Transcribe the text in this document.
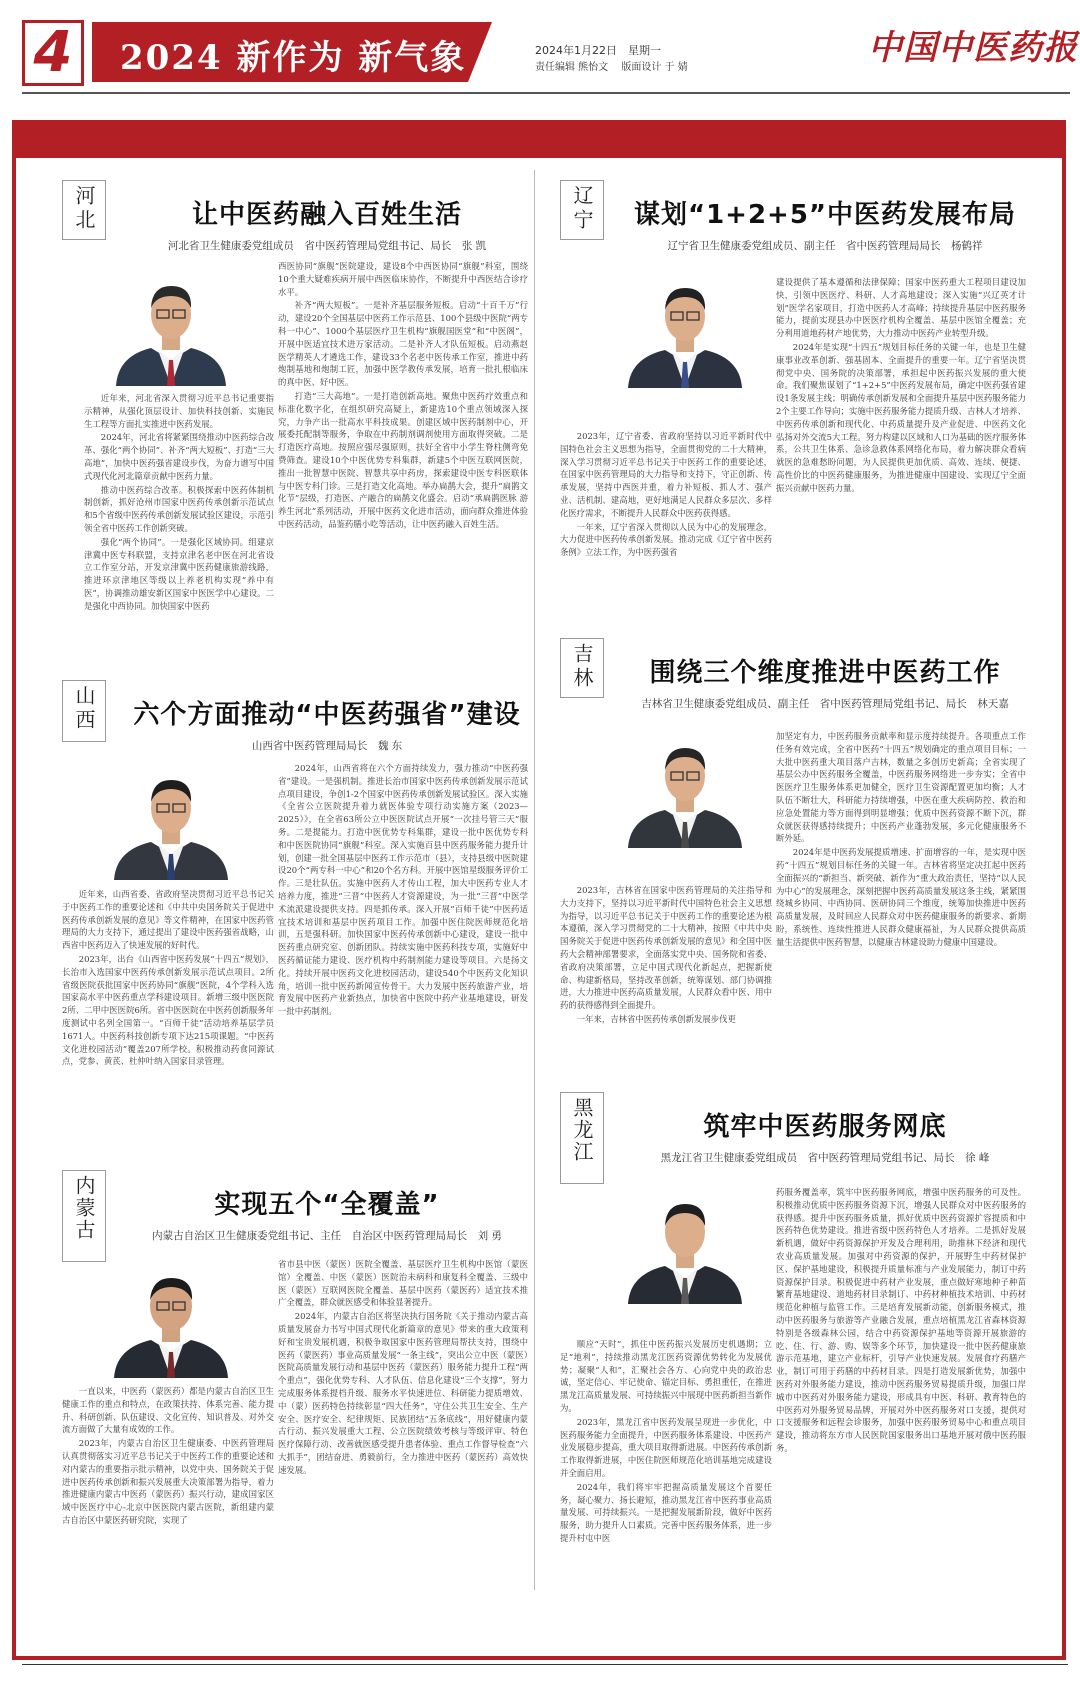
4	2024 新作为 新气象	2024年1月22日　星期一
责任编辑 熊怡文 版面设计 于 婧	中国中医药报
河北	让中医药融入百姓生活
河北省卫生健康委党组成员　省中医药管理局党组书记、局长　张 凯

近年来，河北省深入贯彻习近平总书记重要指示精神，从强化顶层设计、加快科技创新、实施民生工程等方面扎实推进中医药发展。

2024年，河北省将紧紧围绕推动中医药综合改革、强化“两个协同”、补齐“两大短板”、打造“三大高地”，加快中医药强省建设步伐，为奋力谱写中国式现代化河北篇章贡献中医药力量。

推动中医药综合改革。积极探索中医药体制机制创新，抓好沧州市国家中医药传承创新示范试点和5个省级中医药传承创新发展试验区建设，示范引领全省中医药工作创新突破。

强化“两个协同”。一是强化区域协同。组建京津冀中医专科联盟，支持京津名老中医在河北省设立工作室分站，开发京津冀中医药健康旅游线路，推进环京津地区等级以上养老机构实现“养中有医”，协调推动雄安新区国家中医医学中心建设。二是强化中西协同。加快国家中医药

西医协同“旗舰”医院建设，建设8个中西医协同“旗舰”科室，围绕10个重大疑难疾病开展中西医临床协作，不断提升中西医结合诊疗水平。

补齐“两大短板”。一是补齐基层服务短板。启动“十百千万”行动，建设20个全国基层中医药工作示范县、100个县级中医院“两专科一中心”、1000个基层医疗卫生机构“旗舰国医堂”和“中医阁”，开展中医适宜技术进万家活动。二是补齐人才队伍短板。启动燕赵医学精英人才遴选工作，建设33个名老中医传承工作室，推进中药炮制基地和炮制工匠，加强中医学教传承发展，培育一批扎根临床的真中医、好中医。

打造“三大高地”。一是打造创新高地。聚焦中医药疗效重点和标准化数字化，在组织研究高疑上，新建选10个重点领域深入探究，力争产出一批高水平科技成果。创建区域中医药制剂中心，开展委托配制等服务，争取在中药制剂调剂使用方面取得突破。二是打造医疗高地。按照应强尽强原则，扶好全省中小学生脊柱侧弯免费筛查。建设10个中医优势专科集群，新建5个中医互联网医院，推出一批智慧中医院、智慧共享中药房，探索建设中医专科医联体与中医专科门诊。三是打造文化高地。举办扁鹊大会，提升“扁鹊文化节”层级，打造医、产融合的扁鹊文化盛会。启动“承扁鹊医脉 游养生河北”系列活动，开展中医药文化进市活动，面向群众推进体验中医药活动，品鉴药膳小吃等活动，让中医药融入百姓生活。

山西	六个方面推动“中医药强省”建设
山西省中医药管理局局长　魏 东

近年来，山西省委、省政府坚决贯彻习近平总书记关于中医药工作的重要论述和《中共中央国务院关于促进中医药传承创新发展的意见》等文件精神，在国家中医药管理局的大力支持下，通过提出了建设中医药强省战略，山西省中医药迈入了快速发展的好时代。

2023年，出台《山西省中医药发展“十四五”规划》，长治市入选国家中医药传承创新发展示范试点项目。2所省级医院获批国家中医药协同“旗舰”医院，4个学科入选国家高水平中医药重点学科建设项目。新增三级中医医院2所、二甲中医医院6所。省中医医院在中医药创新服务年度测试中名列全国第一。“百师千徒”活动培养基层学员1671人。中医药科技创新专项下达215项课题。“中医药文化进校园活动”覆盖207所学校。积极推动药食同源试点，党参、黄芪、杜仲叶纳入国家目录管理。

2024年，山西省将在六个方面持续发力，强力推动“中医药强省”建设。一是强机制。推进长治市国家中医药传承创新发展示范试点项目建设，争创1-2个国家中医药传承创新发展试验区。深入实施《全省公立医院提升着力就医体验专项行动实施方案（2023—2025）》，在全省63所公立中医医院试点开展“一次挂号管三天”服务。二是提能力。打造中医优势专科集群，建设一批中医优势专科和中医医院协同“旗舰”科室。深入实施百县中医药服务能力提升计划，创建一批全国基层中医药工作示范市（县），支持县级中医院建设20个“两专科一中心”和20个名方科。开展中医馆星级服务评价工作。三是壮队伍。实施中医药人才传山工程，加大中医药专业人才培养力度，推进“三晋”中医药人才资源建设，为一批“三晋”中医学术流派建设提供支持。四是抓传承。深入开展“百师千徒”中医药适宜技术培训和基层中医药项目工作。加强中医住院医师规范化培训，五是强科研。加快国家中医药传承创新中心建设，建设一批中医药重点研究室、创新团队。持续实施中医药科技专项，实施好中医药循证能力建设、医疗机构中药制剂能力建设等项目。六是扬文化。持续开展中医药文化进校园活动，建设540个中医药文化知识角，培训一批中医药新闻宣传骨干。大力发展中医药旅游产业，培育发展中医药产业新热点，加快省中医院中药产业基地建设，研发一批中药制剂。

内蒙古	实现五个“全覆盖”
内蒙古自治区卫生健康委党组书记、主任　自治区中医药管理局局长　刘 勇

一直以来，中医药（蒙医药）都是内蒙古自治区卫生健康工作的重点和特点，在政策扶持、体系完善、能力提升、科研创新、队伍建设、文化宣传、知识普及、对外交流方面做了大量有成效的工作。

2023年，内蒙古自治区卫生健康委、中医药管理局认真贯彻落实习近平总书记关于中医药工作的重要论述和对内蒙古的重要指示批示精神，以党中央、国务院关于促进中医药传承创新和振兴发展重大决策部署为指导，着力推进健康内蒙古中医药（蒙医药）振兴行动，建成国家区域中医医疗中心-北京中医医院内蒙古医院，新组建内蒙古自治区中蒙医药研究院，实现了

省市县中医（蒙医）医院全覆盖、基层医疗卫生机构中医馆（蒙医馆）全覆盖、中医（蒙医）医院治未病科和康复科全覆盖、三级中医（蒙医）互联网医院全覆盖、基层中医药（蒙医药）适宜技术推广全覆盖，群众就医感受和体验显著提升。

2024年，内蒙古自治区将坚决执行国务院《关于推动内蒙古高质量发展奋力书写中国式现代化新篇章的意见》带来的重大政策利好和宝贵发展机遇，积极争取国家中医药管理局帮扶支持，围绕中医药（蒙医药）事业高质量发展“一条主线”，突出公立中医（蒙医）医院高质量发展行动和基层中医药（蒙医药）服务能力提升工程“两个重点”，强化优势专科、人才队伍、信息化建设“三个支撑”，努力完成服务体系提档升级、服务水平快速进位、科研能力提质增效、中（蒙）医药特色持续彰显“四大任务”，守住公共卫生安全、生产安全、医疗安全、纪律规矩、民族团结“五条底线”，用好健康内蒙古行动、振兴发展重大工程、公立医院绩效考核与等级评审、特色医疗保障行动、改善就医感受提升患者体验、重点工作督导检查“六大抓手”，团结奋进、勇毅前行，全力推进中医药（蒙医药）高效快速发展。

辽宁	谋划“1+2+5”中医药发展布局
辽宁省卫生健康委党组成员、副主任　省中医药管理局局长　杨鹤祥

2023年，辽宁省委、省政府坚持以习近平新时代中国特色社会主义思想为指导，全面贯彻党的二十大精神，深入学习贯彻习近平总书记关于中医药工作的重要论述，在国家中医药管理局的大力指导和支持下，守正创新、传承发展，坚持中西医并重，着力补短板、抓人才、强产业、活机制、建高地，更好地满足人民群众多层次、多样化医疗需求，不断提升人民群众中医药获得感。

一年来，辽宁省深入贯彻以人民为中心的发展理念，大力促进中医药传承创新发展。推动完成《辽宁省中医药条例》立法工作，为中医药强省

建设提供了基本遵循和法律保障；国家中医药重大工程项目建设加快，引领中医医疗、科研、人才高地建设；深入实施“兴辽英才计划”医学名家项目，打造中医药人才高峰；持续提升基层中医药服务能力，提前实现县办中医医疗机构全覆盖、基层中医馆全覆盖；充分利用道地药材产地优势，大力推动中医药产业转型升级。

2024年是实现“十四五”规划目标任务的关键一年，也是卫生健康事业改革创新、强基固本、全面提升的重要一年。辽宁省坚决贯彻党中央、国务院的决策部署，承担起中医药振兴发展的重大使命。我们聚焦谋划了“1+2+5”中医药发展布局，确定中医药强省建设1条发展主线；明确传承创新发展和全面提升基层中医药服务能力2个主要工作导向；实施中医药服务能力提质升级、吉林人才培养、中医药传承创新和现代化、中药质量提升及产业促进、中医药文化弘扬对外交流5大工程。努力构建以区域和人口为基础的医疗服务体系，公共卫生体系、急诊急救体系网络化布局，着力解决群众看病就医的急难愁盼问题，为人民提供更加优质、高效、连续、便捷、高性价比的中医药健康服务，为推进健康中国建设、实现辽宁全面振兴贡献中医药力量。

吉林	围绕三个维度推进中医药工作
吉林省卫生健康委党组成员、副主任　省中医药管理局党组书记、局长　林天嘉

2023年，吉林省在国家中医药管理局的关注指导和大力支持下，坚持以习近平新时代中国特色社会主义思想为指导，以习近平总书记关于中医药工作的重要论述为根本遵循，深入学习贯彻党的二十大精神，按照《中共中央国务院关于促进中医药传承创新发展的意见》和全国中医药大会精神部署要求，全面落实党中央、国务院和省委、省政府决策部署，立足中国式现代化新起点，把握新使命、构建新格局，坚持改革创新，统筹谋划、部门协调推进，大力推进中医药高质量发展，人民群众看中医、用中药的获得感得到全面提升。

一年来，吉林省中医药传承创新发展步伐更

加坚定有力，中医药服务贡献率和显示度持续提升。各项重点工作任务有效完成，全省中医药“十四五”规划确定的重点项目目标；一大批中医药重大项目落户吉林，数量之多创历史新高；全省实现了基层公办中医药服务全覆盖，中医药服务网络进一步夯实；全省中医医疗卫生服务体系更加健全，医疗卫生资源配置更加均衡；人才队伍不断壮大，科研能力持续增强，中医在重大疾病防控、救治和应急处置能力等方面得到明显增强；优质中医药资源不断下沉，群众就医获得感持续提升；中医药产业蓬勃发展，多元化健康服务不断外延。

2024年是中医药发展提质增速、扩面增容的一年，是实现中医药“十四五”规划目标任务的关键一年。吉林省将坚定决扛起中医药全面振兴的“新担当、新突破、新作为”重大政治责任，坚持“以人民为中心”的发展理念，深刻把握中医药高质量发展这条主线，紧紧围绕城乡协同、中西协同、医研协同三个维度，统筹加快推进中医药高质量发展，及时回应人民群众对中医药健康服务的新要求、新期盼，系统性、连续性推进人民群众健康福祉，为人民群众提供高质量生活提供中医药智慧，以健康吉林建设助力健康中国建设。

黑龙江	筑牢中医药服务网底
黑龙江省卫生健康委党组成员　省中医药管理局党组书记、局长　徐 峰

顺应“天时”，抓住中医药振兴发展历史机遇期；立足“地利”，持续推动黑龙江医药资源优势转化为发展优势；凝聚“人和”，汇聚社会各方、心向党中央的政治忠诚，坚定信心、牢记使命、锚定目标、勇担重任，在推进黑龙江高质量发展、可持续振兴中展现中医药新担当新作为。

2023年，黑龙江省中医药发展呈现进一步优化，中医药服务能力全面提升，中医药服务体系建设、中医药产业发展稳步提高，重大项目取得新进展。中医药传承创新工作取得新进展，中医住院医师规范化培训基地完成建设并全面启用。

2024年，我们将牢牢把握高质量发展这个首要任务，凝心聚力、扬长避短，推动黑龙江省中医药事业高质量发展、可持续振兴。一是把握发展新阶段，做好中医药服务，助力提升人口素质。完善中医药服务体系，进一步提升村屯中医

药服务覆盖率，筑牢中医药服务网底，增强中医药服务的可及性。积极推动优质中医药服务资源下沉，增强人民群众对中医药服务的获得感。提升中医药服务质量，抓好优质中医药资源扩容提质和中医药特色优势建设。推进省级中医药特色人才培养。二是抓好发展新机遇，做好中药资源保护开发及合理利用，助推林下经济和现代农业高质量发展。加强对中药资源的保护，开展野生中药材保护区、保护基地建设，积极提升质量标准与产业发展能力，制订中药资源保护目录。积极促进中药材产业发展，重点做好寒地种子种苗繁育基地建设、道地药材目录制订、中药材种植技术培训、中药材规范化种植与监管工作。三是培育发展新动能，创新服务模式，推动中医药服务与旅游等产业融合发展，重点培植黑龙江省森林资源特别是各级森林公园，结合中药资源保护基地等资源开展旅游的吃、住、行、游、购、娱等多个环节，加快建设一批中医药健康旅游示范基地，建立产业标杆，引导产业快速发展。发展食疗药膳产业，制订可用于药膳的中药材目录。四是打造发展新优势，加强中医药对外服务能力建设，推动中医药服务贸易提质升级，加强口岸城市中医药对外服务能力建设，形成具有中医、科研、教育特色的中医药对外服务贸易品牌，开展对外中医药服务对口支援，提供对口支援服务和远程会诊服务，加强中医药服务贸易中心和重点项目建设，推动将东方市人民医院国家服务出口基地开展对俄中医药服务。
